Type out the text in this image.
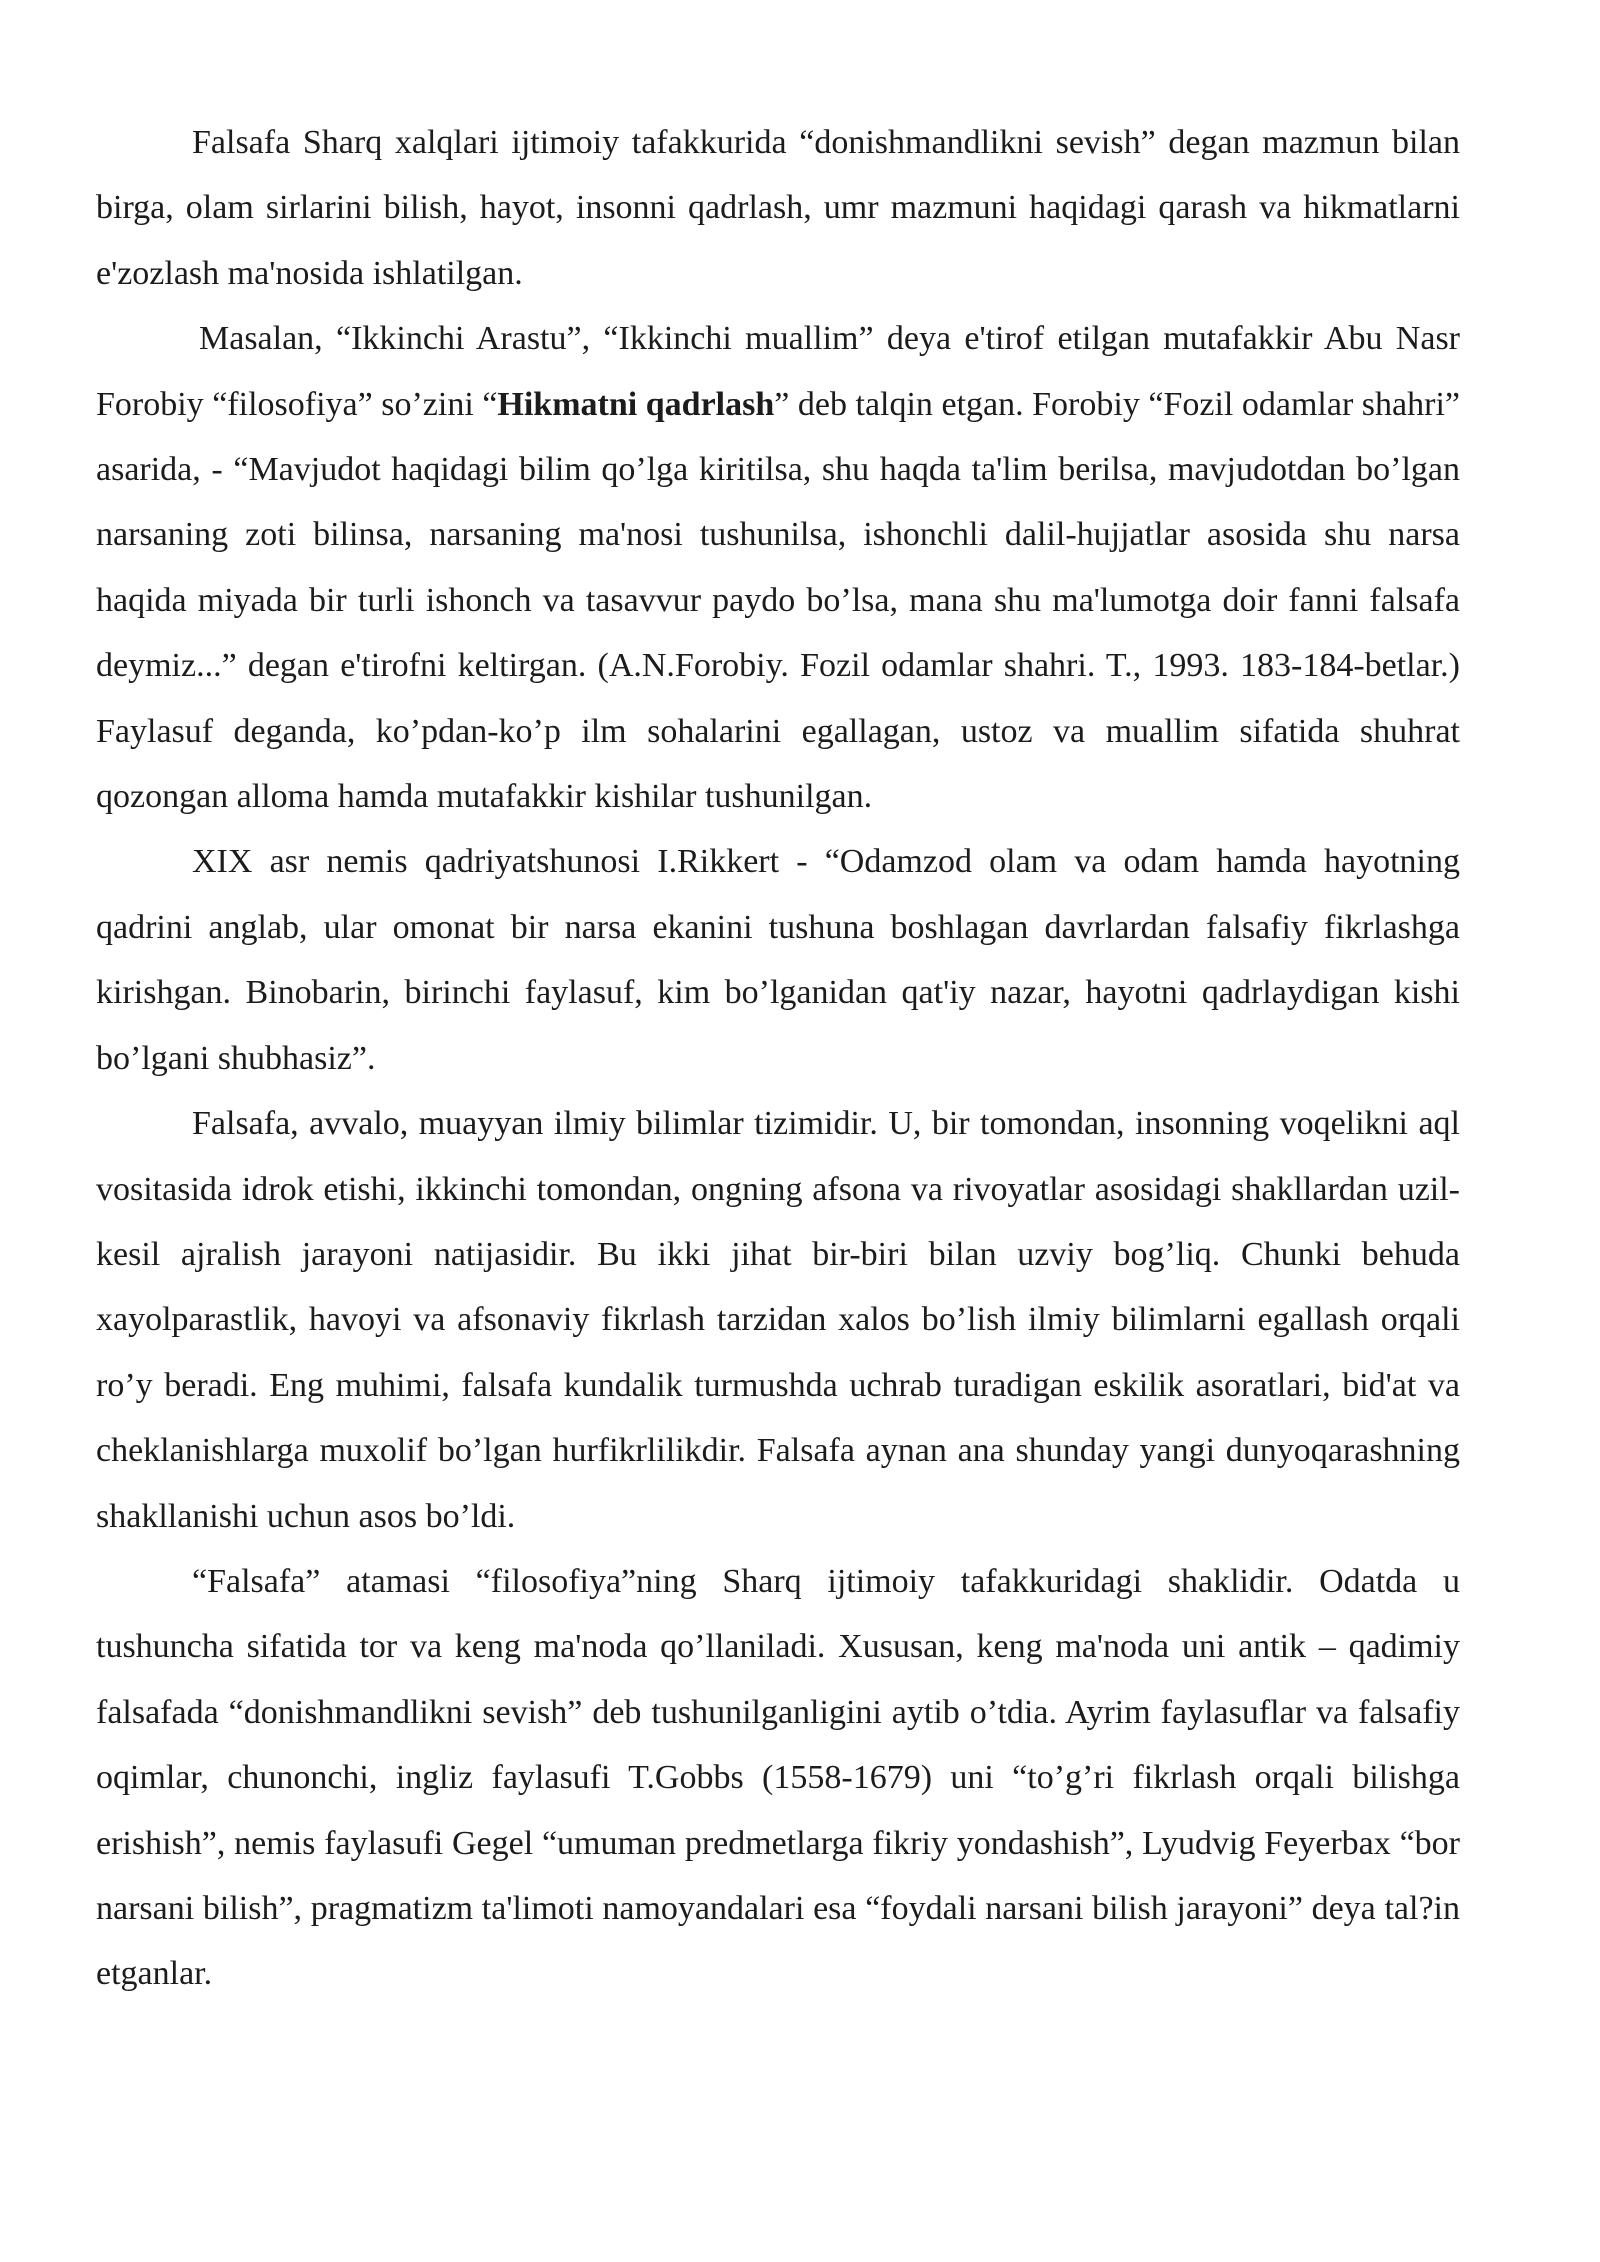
Falsafa Sharq xalqlari ijtimoiy tafakkurida “donishmandlikni sevish” degan mazmun bilan birga, olam sirlarini bilish, hayot, insonni qadrlash, umr mazmuni haqidagi qarash va hikmatlarni e'zozlash ma'nosida ishlatilgan.

Masalan, “Ikkinchi Arastu”, “Ikkinchi muallim” deya e'tirof etilgan mutafakkir Abu Nasr Forobiy “filosofiya” so’zini “Hikmatni qadrlash” deb talqin etgan. Forobiy “Fozil odamlar shahri” asarida, - “Mavjudot haqidagi bilim qo’lga kiritilsa, shu haqda ta'lim berilsa, mavjudotdan bo’lgan narsaning zoti bilinsa, narsaning ma'nosi tushunilsa, ishonchli dalil-hujjatlar asosida shu narsa haqida miyada bir turli ishonch va tasavvur paydo bo’lsa, mana shu ma'lumotga doir fanni falsafa deymiz...” degan e'tirofni keltirgan. (A.N.Forobiy. Fozil odamlar shahri. T., 1993. 183-184-betlar.) Faylasuf deganda, ko’pdan-ko’p ilm sohalarini egallagan, ustoz va muallim sifatida shuhrat qozongan alloma hamda mutafakkir kishilar tushunilgan.

XIX asr nemis qadriyatshunosi I.Rikkert - “Odamzod olam va odam hamda hayotning qadrini anglab, ular omonat bir narsa ekanini tushuna boshlagan davrlardan falsafiy fikrlashga kirishgan. Binobarin, birinchi faylasuf, kim bo’lganidan qat'iy nazar, hayotni qadrlaydigan kishi bo’lgani shubhasiz”.

Falsafa, avvalo, muayyan ilmiy bilimlar tizimidir. U, bir tomondan, insonning voqelikni aql vositasida idrok etishi, ikkinchi tomondan, ongning afsona va rivoyatlar asosidagi shakllardan uzil-kesil ajralish jarayoni natijasidir. Bu ikki jihat bir-biri bilan uzviy bog’liq. Chunki behuda xayolparastlik, havoyi va afsonaviy fikrlash tarzidan xalos bo’lish ilmiy bilimlarni egallash orqali ro’y beradi. Eng muhimi, falsafa kundalik turmushda uchrab turadigan eskilik asoratlari, bid'at va cheklanishlarga muxolif bo’lgan hurfikrlilikdir. Falsafa aynan ana shunday yangi dunyoqarashning shakllanishi uchun asos bo’ldi.

“Falsafa” atamasi “filosofiya”ning Sharq ijtimoiy tafakkuridagi shaklidir. Odatda u tushuncha sifatida tor va keng ma'noda qo’llaniladi. Xususan, keng ma'noda uni antik – qadimiy falsafada “donishmandlikni sevish” deb tushunilganligini aytib o’tdia. Ayrim faylasuflar va falsafiy oqimlar, chunonchi, ingliz faylasufi T.Gobbs (1558-1679) uni “to’g’ri fikrlash orqali bilishga erishish”, nemis faylasufi Gegel “umuman predmetlarga fikriy yondashish”, Lyudvig Feyerbax “bor narsani bilish”, pragmatizm ta'limoti namoyandalari esa “foydali narsani bilish jarayoni” deya tal?in etganlar.
